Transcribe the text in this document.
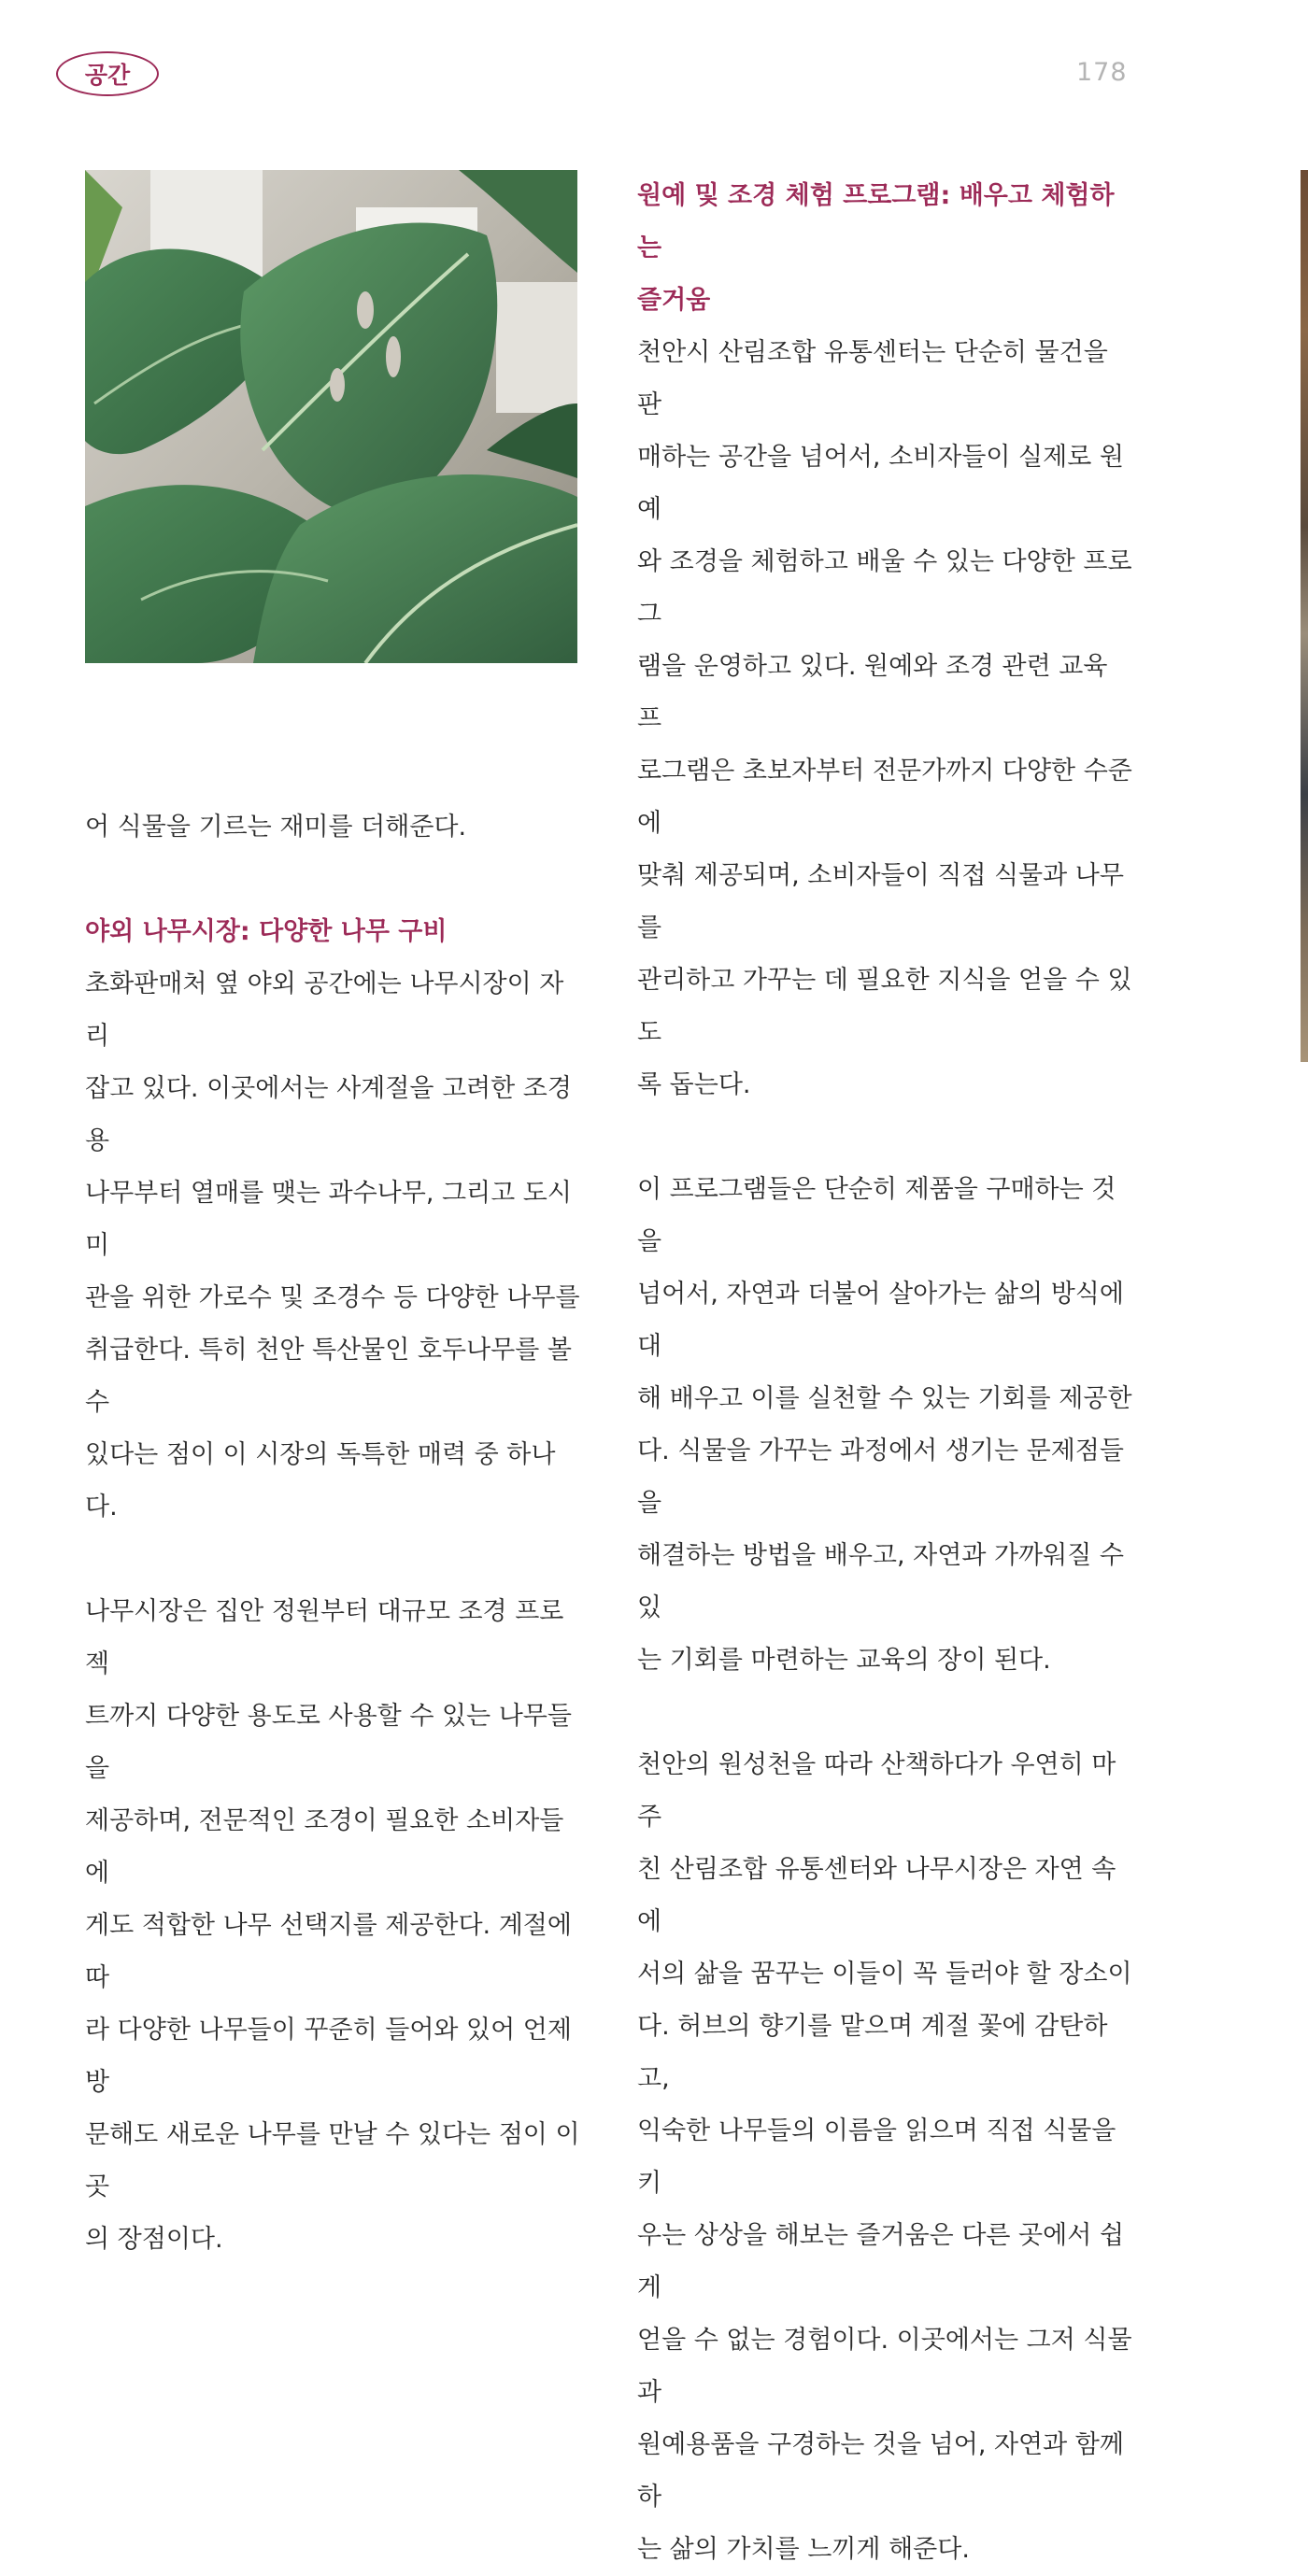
공간	178

어 식물을 기르는 재미를 더해준다.

야외 나무시장: 다양한 나무 구비
초화판매처 옆 야외 공간에는 나무시장이 자리
잡고 있다. 이곳에서는 사계절을 고려한 조경용
나무부터 열매를 맺는 과수나무, 그리고 도시 미
관을 위한 가로수 및 조경수 등 다양한 나무를
취급한다. 특히 천안 특산물인 호두나무를 볼 수
있다는 점이 이 시장의 독특한 매력 중 하나다.
나무시장은 집안 정원부터 대규모 조경 프로젝
트까지 다양한 용도로 사용할 수 있는 나무들을
제공하며, 전문적인 조경이 필요한 소비자들에
게도 적합한 나무 선택지를 제공한다. 계절에 따
라 다양한 나무들이 꾸준히 들어와 있어 언제 방
문해도 새로운 나무를 만날 수 있다는 점이 이곳
의 장점이다.
원예 및 조경 체험 프로그램: 배우고 체험하는
즐거움
천안시 산림조합 유통센터는 단순히 물건을 판
매하는 공간을 넘어서, 소비자들이 실제로 원예
와 조경을 체험하고 배울 수 있는 다양한 프로그
램을 운영하고 있다. 원예와 조경 관련 교육 프
로그램은 초보자부터 전문가까지 다양한 수준에
맞춰 제공되며, 소비자들이 직접 식물과 나무를
관리하고 가꾸는 데 필요한 지식을 얻을 수 있도
록 돕는다.
이 프로그램들은 단순히 제품을 구매하는 것을
넘어서, 자연과 더불어 살아가는 삶의 방식에 대
해 배우고 이를 실천할 수 있는 기회를 제공한
다. 식물을 가꾸는 과정에서 생기는 문제점들을
해결하는 방법을 배우고, 자연과 가까워질 수 있
는 기회를 마련하는 교육의 장이 된다.
천안의 원성천을 따라 산책하다가 우연히 마주
친 산림조합 유통센터와 나무시장은 자연 속에
서의 삶을 꿈꾸는 이들이 꼭 들러야 할 장소이
다. 허브의 향기를 맡으며 계절 꽃에 감탄하고,
익숙한 나무들의 이름을 읽으며 직접 식물을 키
우는 상상을 해보는 즐거움은 다른 곳에서 쉽게
얻을 수 없는 경험이다. 이곳에서는 그저 식물과
원예용품을 구경하는 것을 넘어, 자연과 함께하
는 삶의 가치를 느끼게 해준다.
